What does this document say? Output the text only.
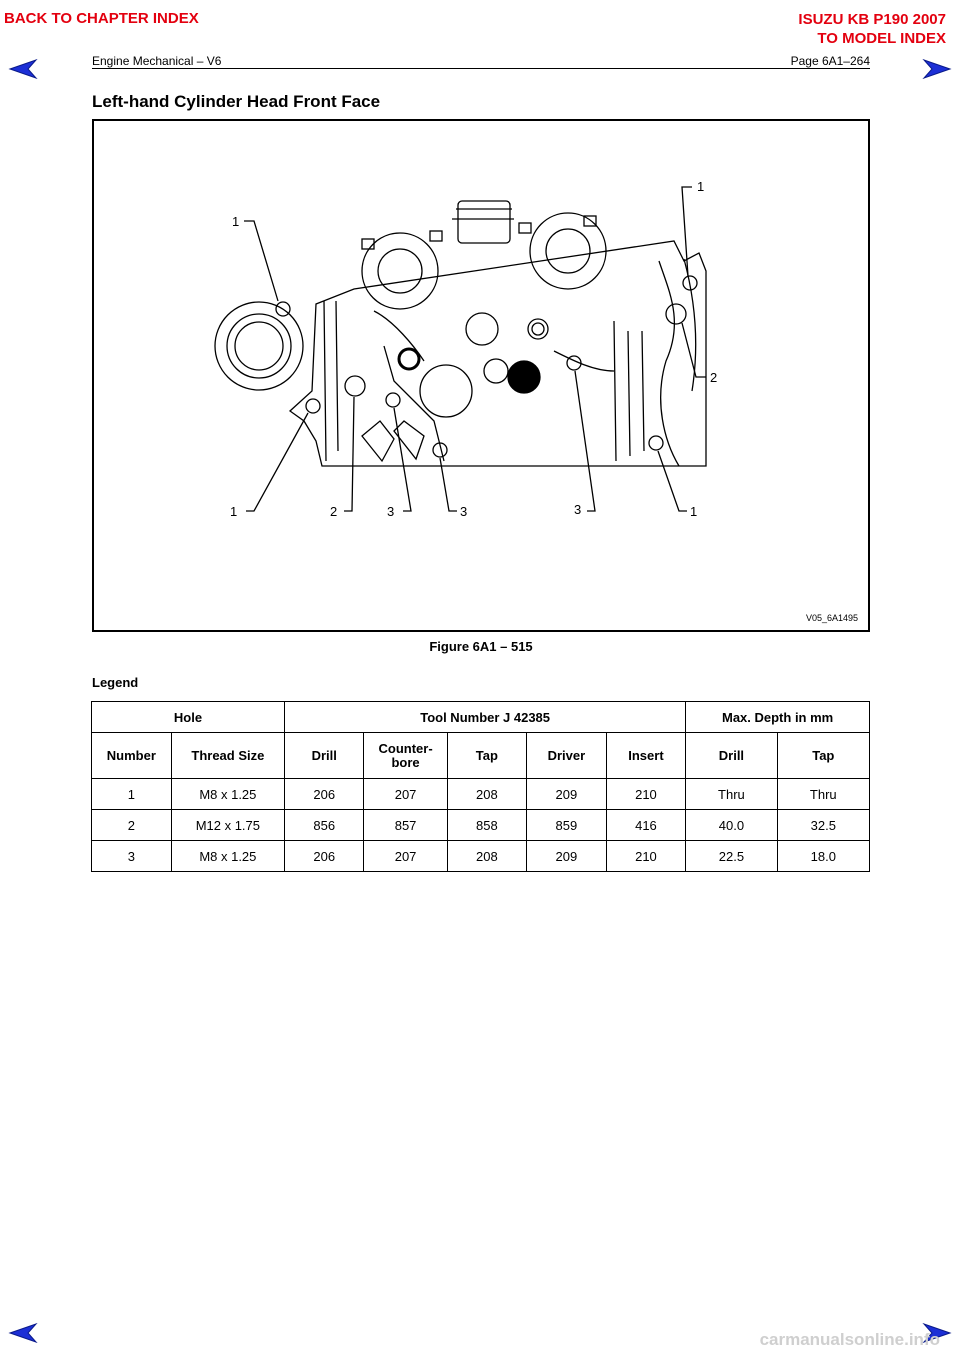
BACK TO CHAPTER INDEX	ISUZU KB P190 2007
TO MODEL INDEX
Engine Mechanical – V6	Page 6A1–264
Left-hand Cylinder Head Front Face
1
1
2
1	2	3	3	3	1
V05_6A1495
Figure 6A1 – 515
Legend
Hole		Tool Number J 42385					Max. Depth in mm	
Number	Thread Size	Drill	Counter-bore	Tap	Driver	Insert	Drill	Tap
1	M8 x 1.25	206	207	208	209	210	Thru	Thru
2	M12 x 1.75	856	857	858	859	416	40.0	32.5
3	M8 x 1.25	206	207	208	209	210	22.5	18.0
carmanualsonline.info
